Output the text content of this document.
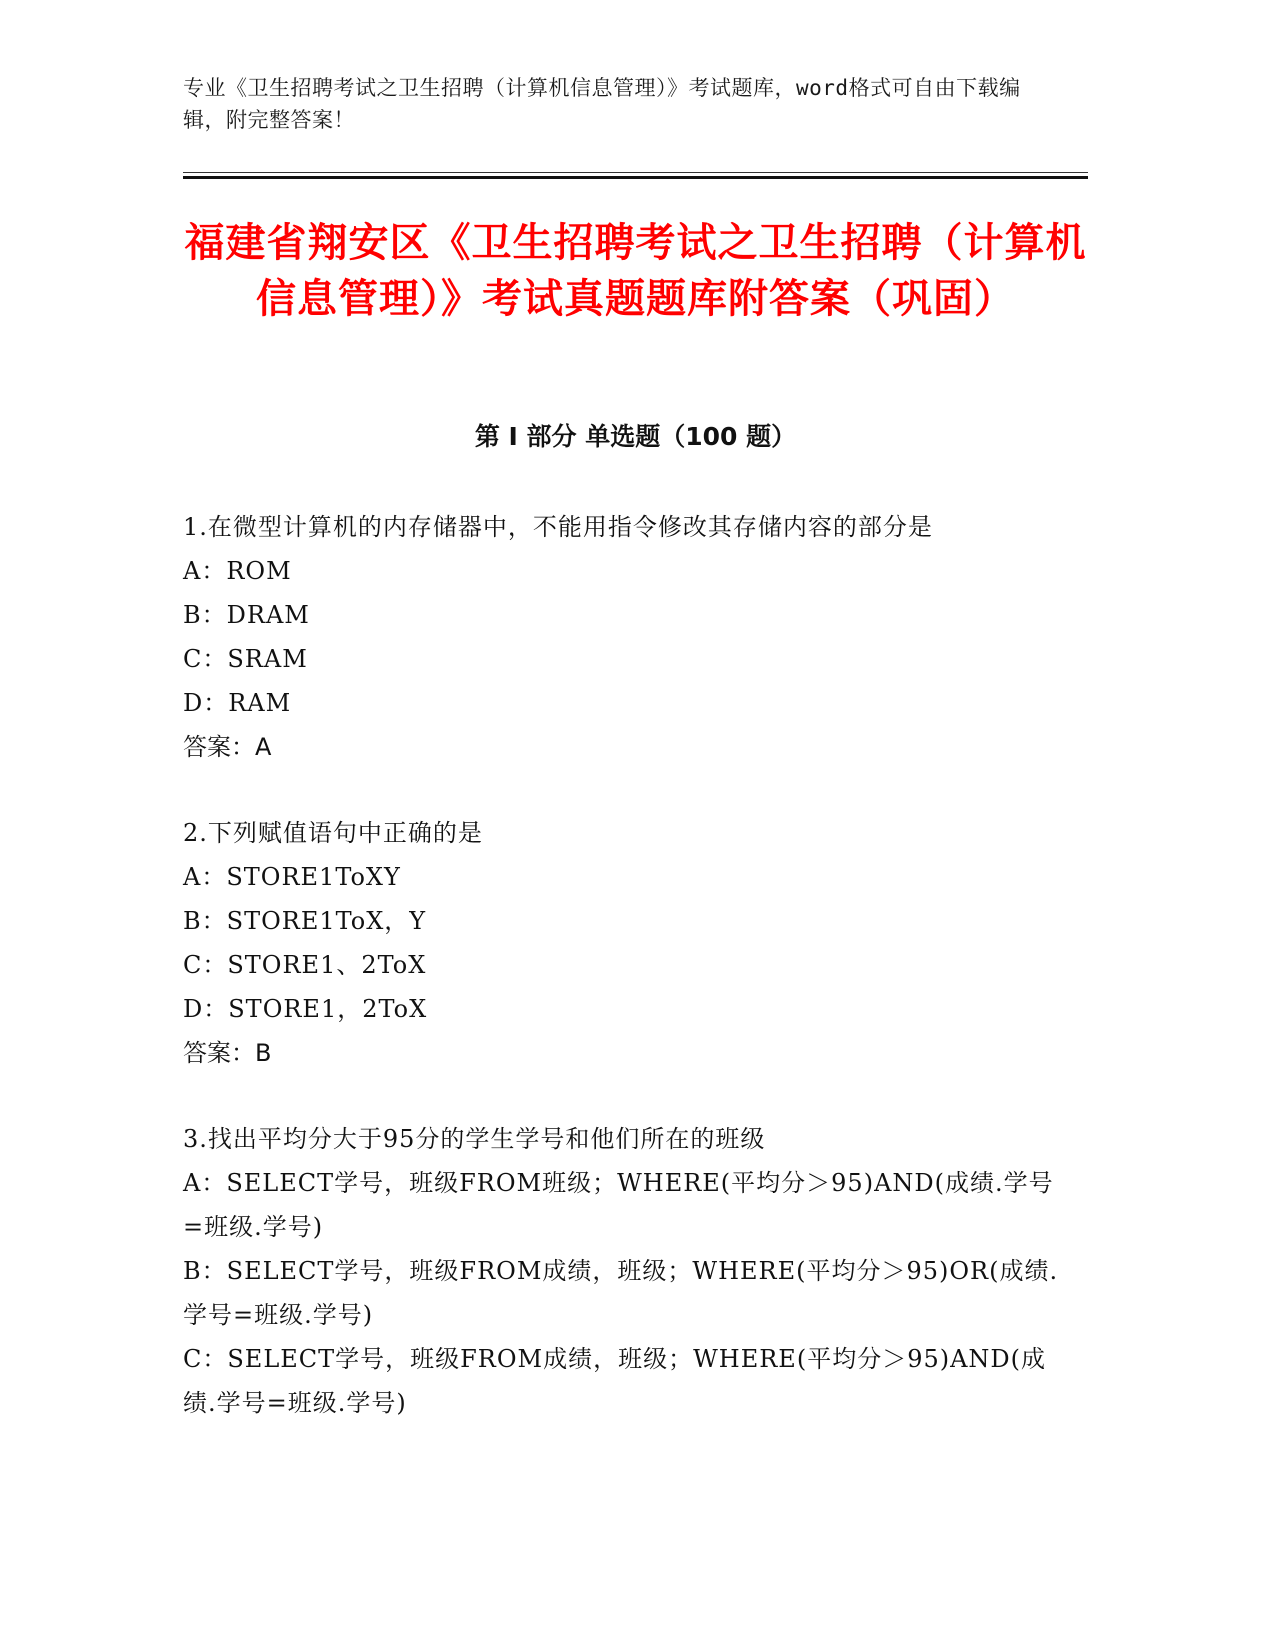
专业《卫生招聘考试之卫生招聘（计算机信息管理）》考试题库，word格式可自由下载编辑，附完整答案！
福建省翔安区《卫生招聘考试之卫生招聘（计算机信息管理）》考试真题题库附答案（巩固）
第 I 部分 单选题（100 题）
1.在微型计算机的内存储器中，不能用指令修改其存储内容的部分是
A：ROM
B：DRAM
C：SRAM
D：RAM
答案：A
2.下列赋值语句中正确的是
A：STORE1ToXY
B：STORE1ToX，Y
C：STORE1、2ToX
D：STORE1，2ToX
答案：B
3.找出平均分大于95分的学生学号和他们所在的班级
A：SELECT学号，班级FROM班级；WHERE(平均分＞95)AND(成绩.学号=班级.学号)
B：SELECT学号，班级FROM成绩，班级；WHERE(平均分＞95)OR(成绩.学号=班级.学号)
C：SELECT学号，班级FROM成绩，班级；WHERE(平均分＞95)AND(成绩.学号=班级.学号)
